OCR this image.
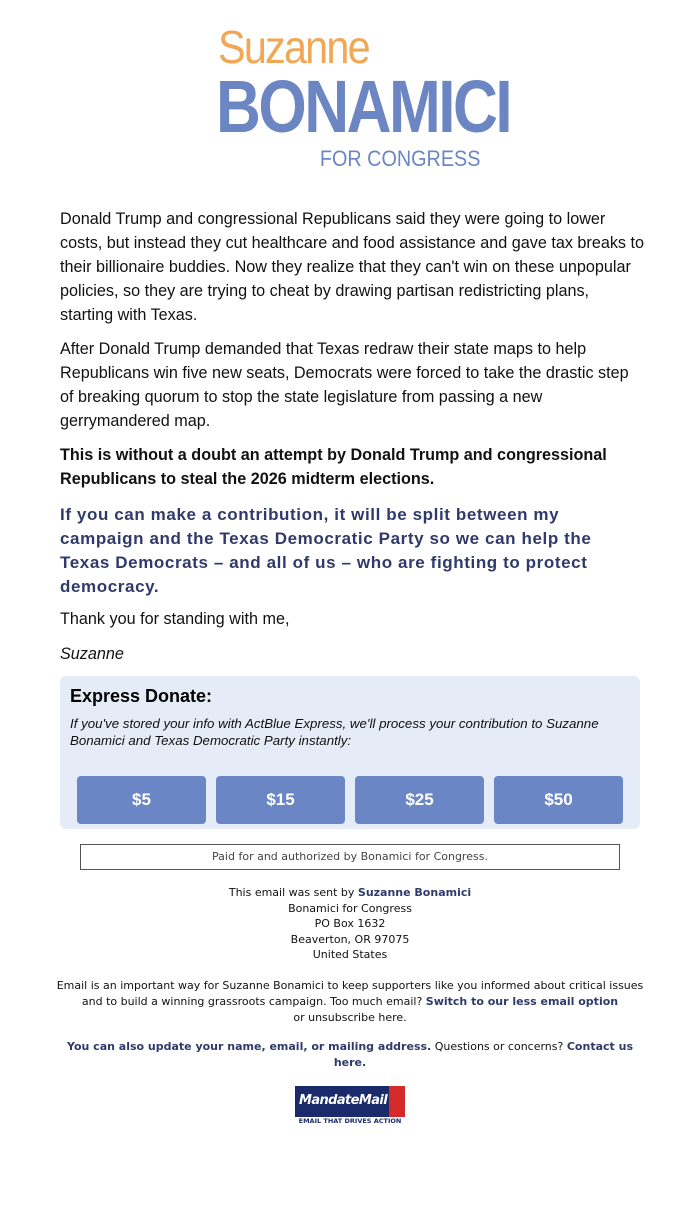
Suzanne
BONAMICI
FOR CONGRESS

Donald Trump and congressional Republicans said they were going to lower costs, but instead they cut healthcare and food assistance and gave tax breaks to their billionaire buddies. Now they realize that they can't win on these unpopular policies, so they are trying to cheat by drawing partisan redistricting plans, starting with Texas.

After Donald Trump demanded that Texas redraw their state maps to help Republicans win five new seats, Democrats were forced to take the drastic step of breaking quorum to stop the state legislature from passing a new gerrymandered map.

This is without a doubt an attempt by Donald Trump and congressional Republicans to steal the 2026 midterm elections.

If you can make a contribution, it will be split between my campaign and the Texas Democratic Party so we can help the Texas Democrats – and all of us – who are fighting to protect democracy.

Thank you for standing with me,

Suzanne

Express Donate:

If you've stored your info with ActBlue Express, we'll process your contribution to Suzanne Bonamici and Texas Democratic Party instantly:

$5	$15	$25	$50
Paid for and authorized by Bonamici for Congress.
This email was sent by Suzanne Bonamici
Bonamici for Congress
PO Box 1632
Beaverton, OR 97075
United States
Email is an important way for Suzanne Bonamici to keep supporters like you informed about critical issues and to build a winning grassroots campaign. Too much email? Switch to our less email option
or unsubscribe here.
You can also update your name, email, or mailing address. Questions or concerns? Contact us here.
MandateMail
EMAIL THAT DRIVES ACTION
